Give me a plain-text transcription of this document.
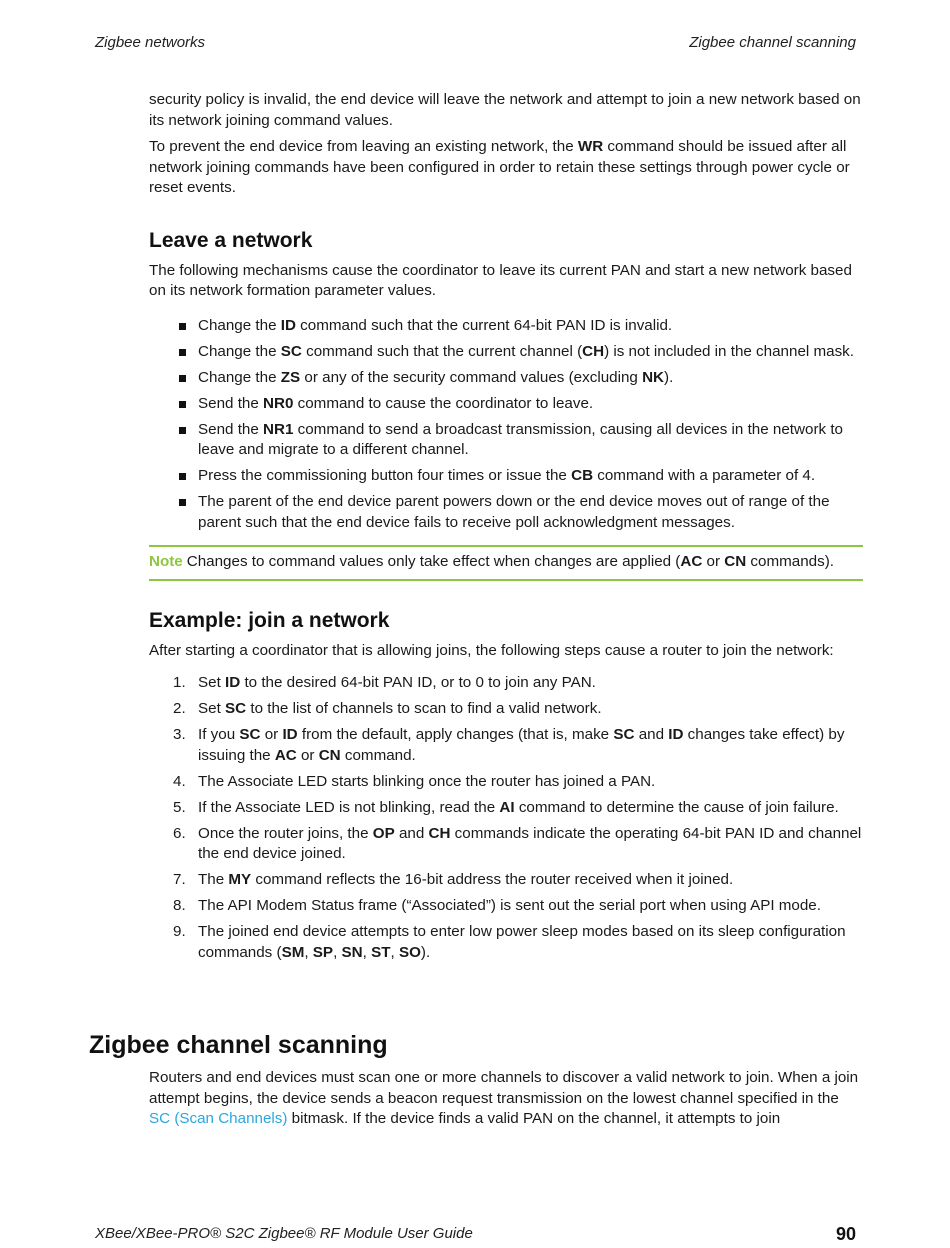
Zigbee networks	Zigbee channel scanning

security policy is invalid, the end device will leave the network and attempt to join a new network based on its network joining command values.

To prevent the end device from leaving an existing network, the WR command should be issued after all network joining commands have been configured in order to retain these settings through power cycle or reset events.

Leave a network

The following mechanisms cause the coordinator to leave its current PAN and start a new network based on its network formation parameter values.

Change the ID command such that the current 64-bit PAN ID is invalid.
Change the SC command such that the current channel (CH) is not included in the channel mask.
Change the ZS or any of the security command values (excluding NK).
Send the NR0 command to cause the coordinator to leave.
Send the NR1 command to send a broadcast transmission, causing all devices in the network to leave and migrate to a different channel.
Press the commissioning button four times or issue the CB command with a parameter of 4.
The parent of the end device parent powers down or the end device moves out of range of the parent such that the end device fails to receive poll acknowledgment messages.
Note Changes to command values only take effect when changes are applied (AC or CN commands).
Example: join a network

After starting a coordinator that is allowing joins, the following steps cause a router to join the network:

1. Set ID to the desired 64-bit PAN ID, or to 0 to join any PAN.
2. Set SC to the list of channels to scan to find a valid network.
3. If you SC or ID from the default, apply changes (that is, make SC and ID changes take effect) by issuing the AC or CN command.
4. The Associate LED starts blinking once the router has joined a PAN.
5. If the Associate LED is not blinking, read the AI command to determine the cause of join failure.
6. Once the router joins, the OP and CH commands indicate the operating 64-bit PAN ID and channel the end device joined.
7. The MY command reflects the 16-bit address the router received when it joined.
8. The API Modem Status frame (“Associated”) is sent out the serial port when using API mode.
9. The joined end device attempts to enter low power sleep modes based on its sleep configuration commands (SM, SP, SN, ST, SO).
Zigbee channel scanning

Routers and end devices must scan one or more channels to discover a valid network to join. When a join attempt begins, the device sends a beacon request transmission on the lowest channel specified in the SC (Scan Channels) bitmask. If the device finds a valid PAN on the channel, it attempts to join

XBee/XBee-PRO® S2C Zigbee® RF Module User Guide	90
